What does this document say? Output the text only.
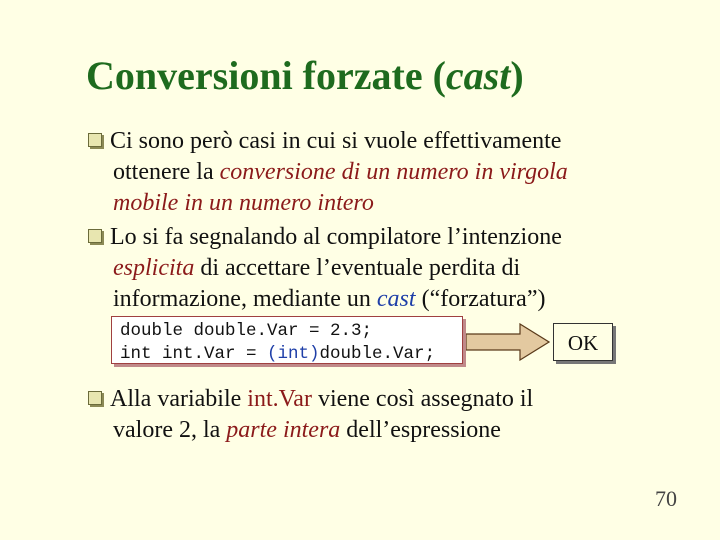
Conversioni forzate (cast)
Ci sono però casi in cui si vuole effettivamente
ottenere la conversione di un numero in virgola
mobile in un numero intero
Lo si fa segnalando al compilatore l’intenzione
esplicita di accettare l’eventuale perdita di
informazione, mediante un cast (“forzatura”)
double double.Var = 2.3;
int int.Var = (int)double.Var;	OK
Alla variabile int.Var viene così assegnato il
valore 2, la parte intera dell’espressione
70
